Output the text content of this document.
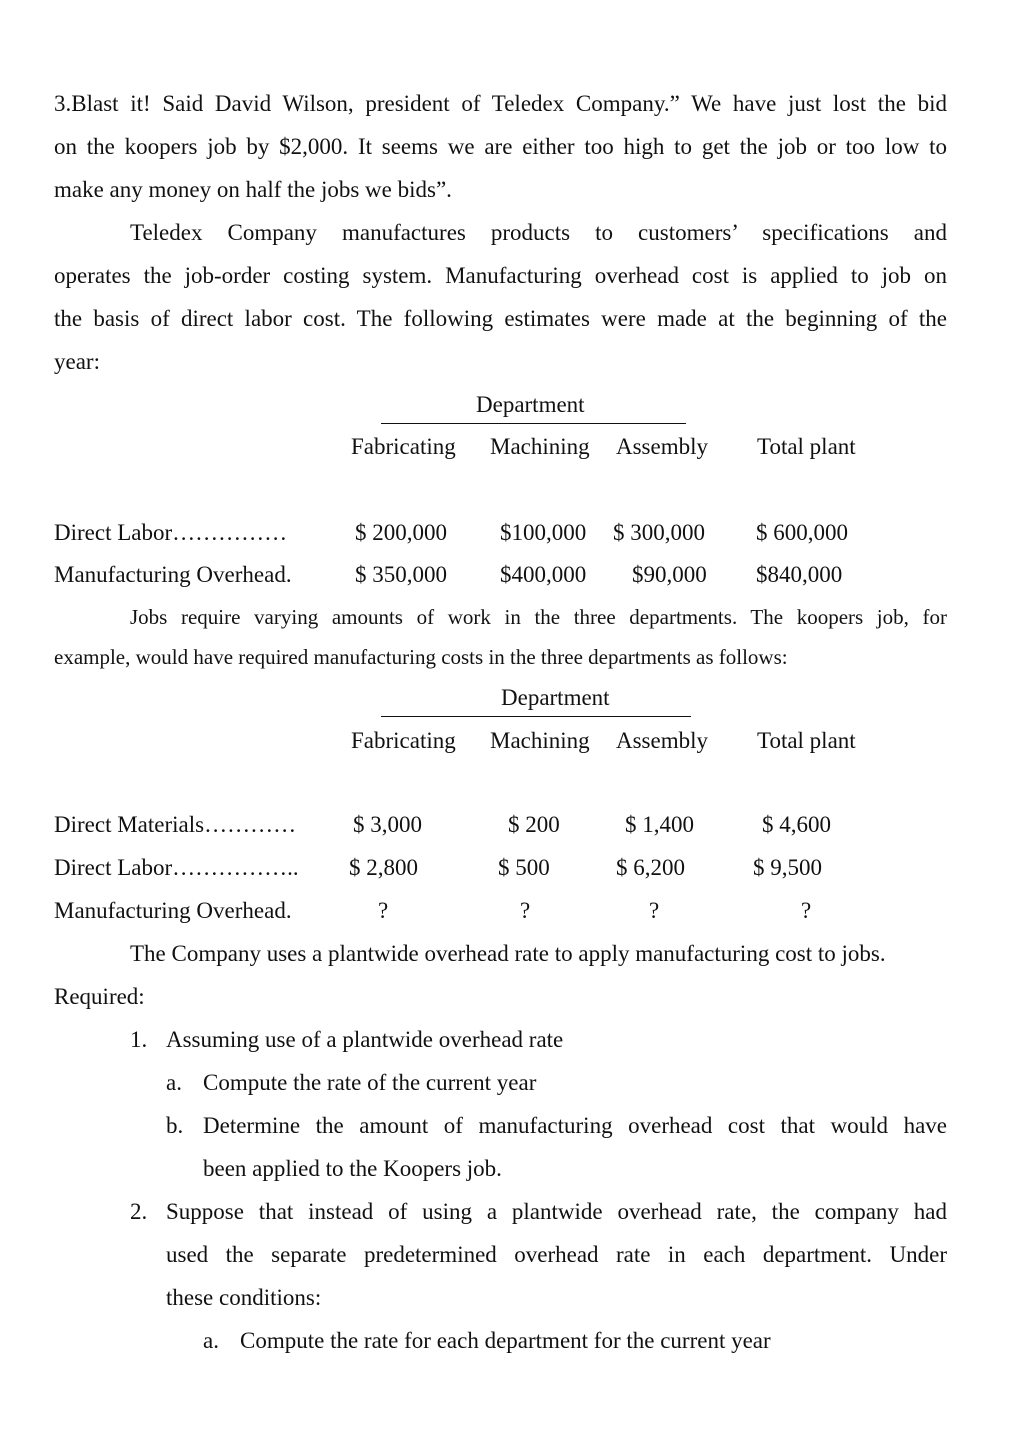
3.Blast it! Said David Wilson, president of Teledex Company.” We have just lost the bid
on the koopers job by $2,000. It seems we are either too high to get the job or too low to
make any money on half the jobs we bids”.
Teledex Company manufactures products to customers’ specifications and
operates the job-order costing system. Manufacturing overhead cost is applied to job on
the basis of direct labor cost. The following estimates were made at the beginning of the
year:
Department
Fabricating Machining Assembly Total plant
Direct Labor……………	$ 200,000 $100,000 $ 300,000 $ 600,000
Manufacturing Overhead.	$ 350,000 $400,000 $90,000 $840,000
Jobs require varying amounts of work in the three departments. The koopers job, for
example, would have required manufacturing costs in the three departments as follows:
Department
Fabricating Machining Assembly Total plant
Direct Materials………… $ 3,000	$ 200	$ 1,400	$ 4,600
Direct Labor…………….. $ 2,800	$ 500	$ 6,200	$ 9,500
Manufacturing Overhead.	?	?	?	?
The Company uses a plantwide overhead rate to apply manufacturing cost to jobs.
Required:
1. Assuming use of a plantwide overhead rate
a. Compute the rate of the current year
b. Determine the amount of manufacturing overhead cost that would have
been applied to the Koopers job.
2. Suppose that instead of using a plantwide overhead rate, the company had
used the separate predetermined overhead rate in each department. Under
these conditions:
a. Compute the rate for each department for the current year
